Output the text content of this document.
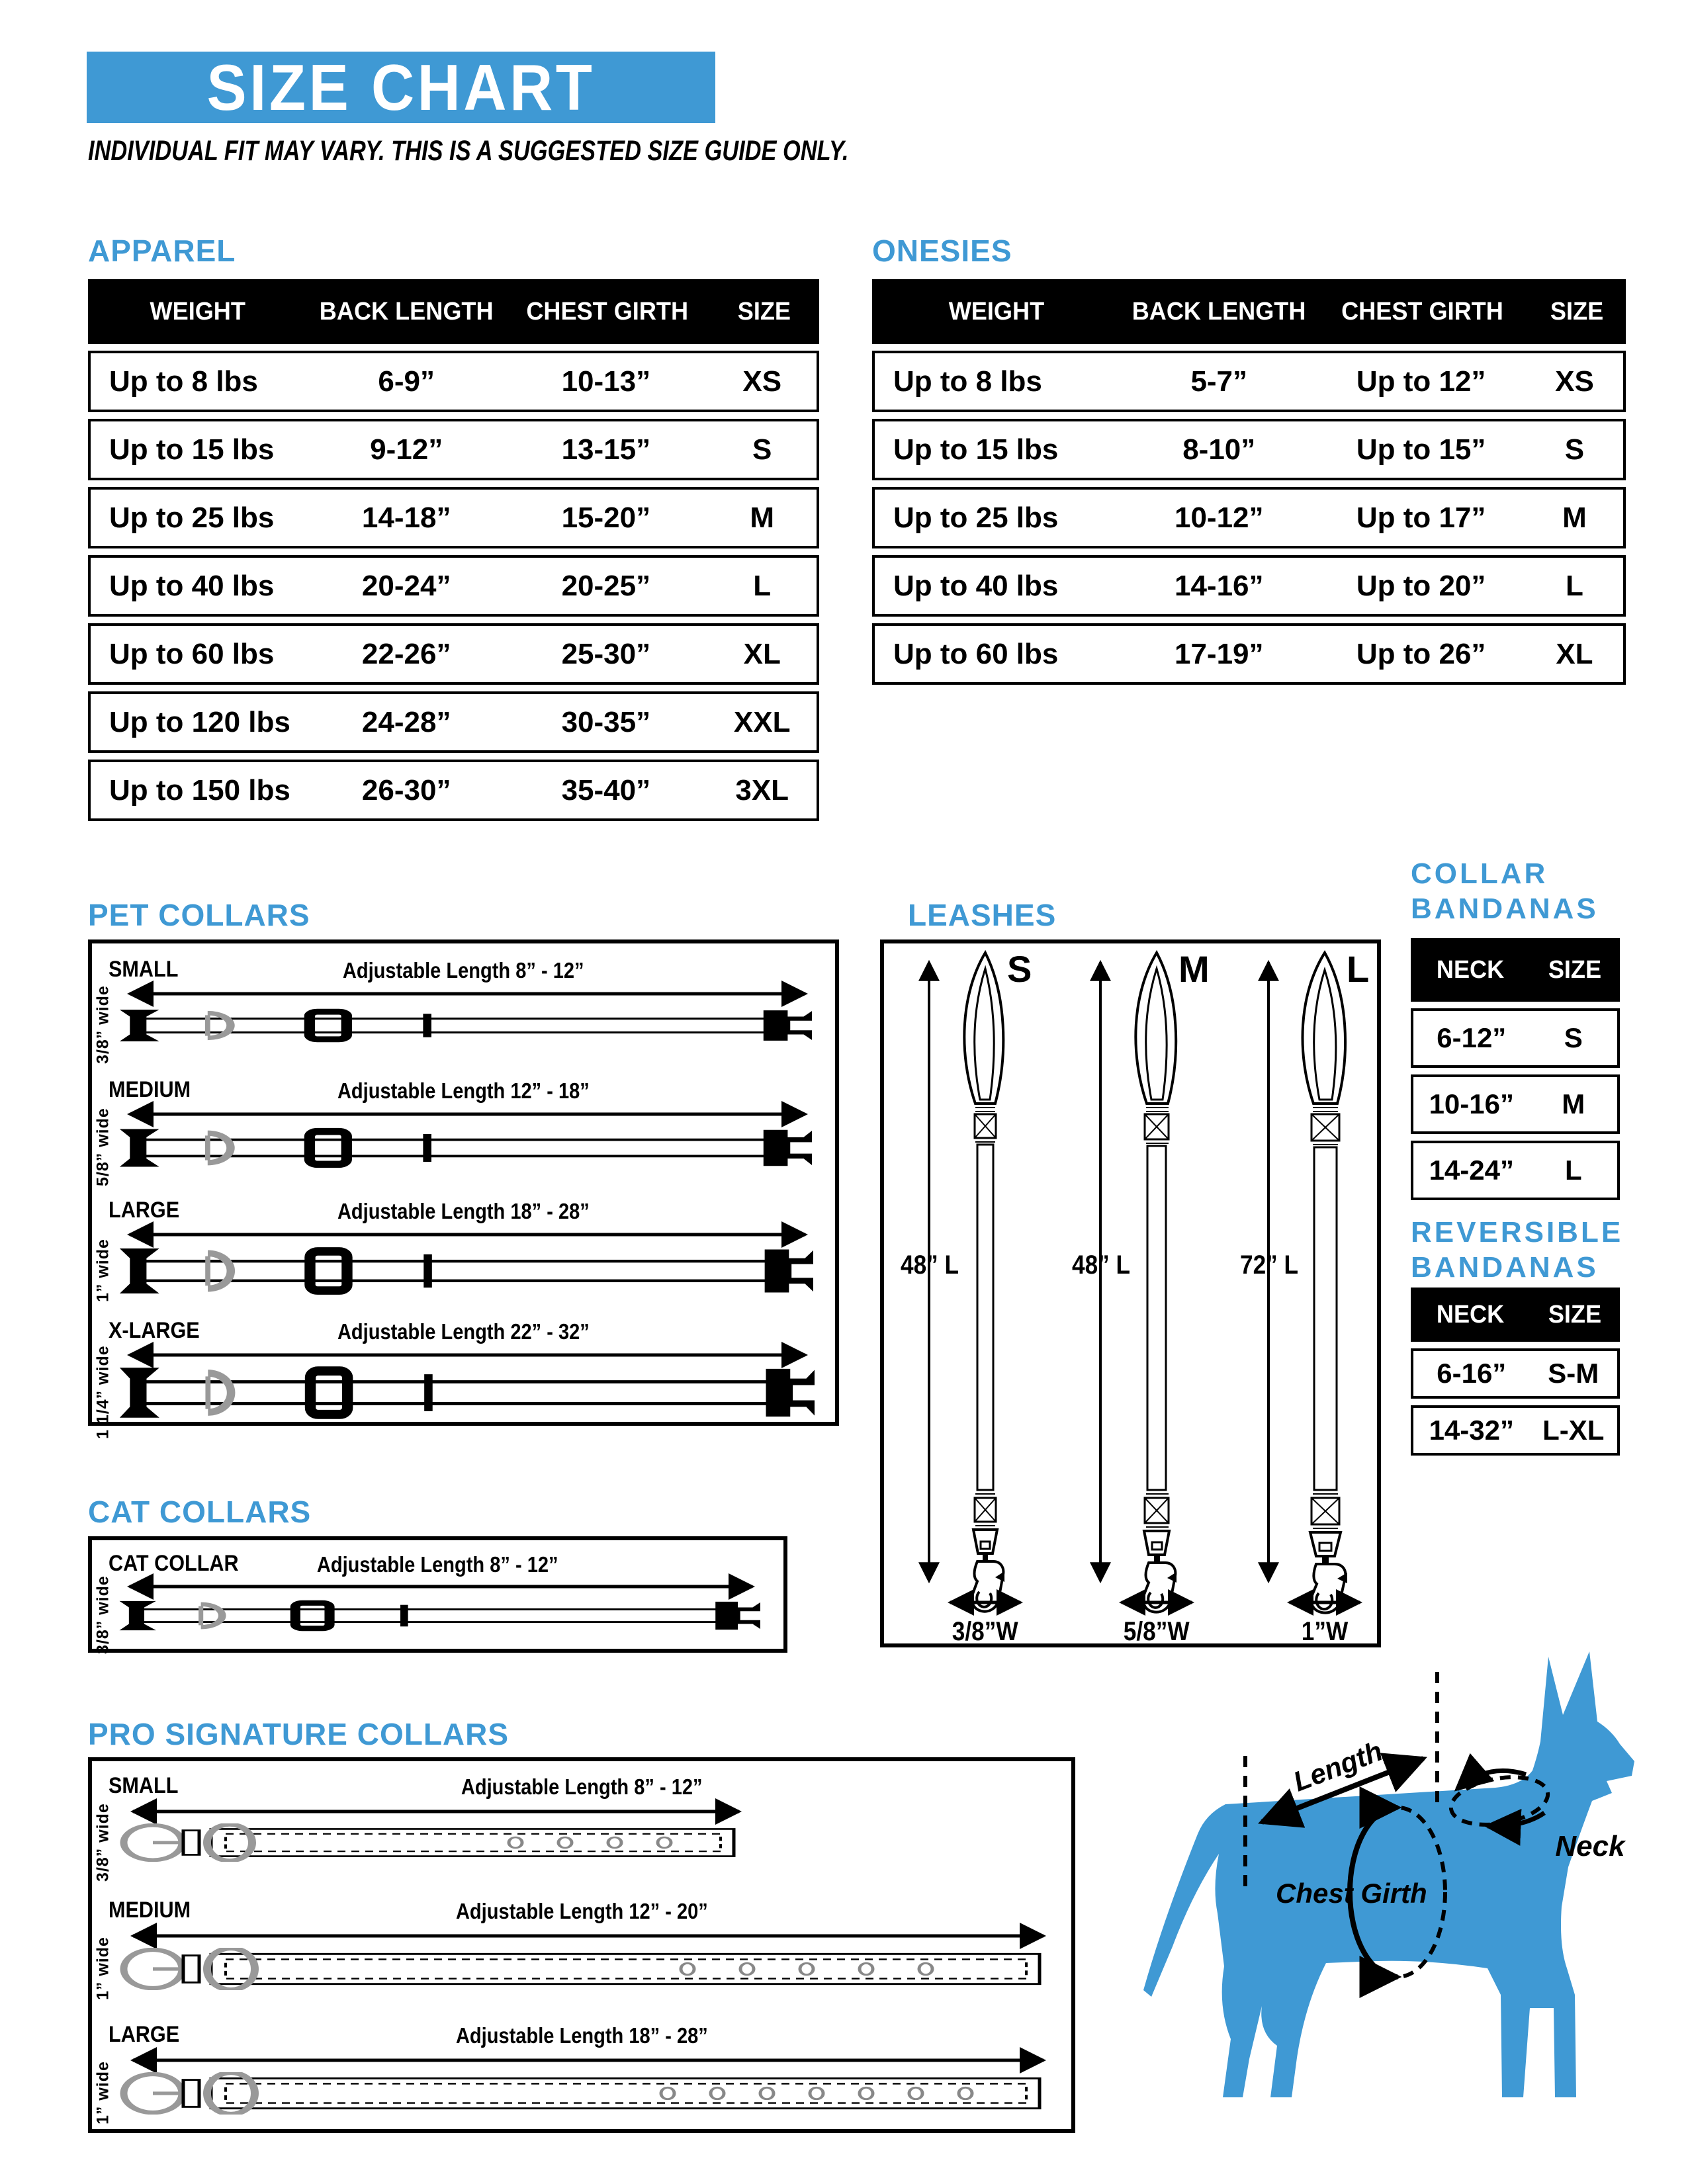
SIZE CHART
INDIVIDUAL FIT MAY VARY. THIS IS A SUGGESTED SIZE GUIDE ONLY.
APPAREL
WEIGHT	BACK LENGTH	CHEST GIRTH	SIZE
Up to 8 lbs	6-9”	10-13”	XS
Up to 15 lbs	9-12”	13-15”	S
Up to 25 lbs	14-18”	15-20”	M
Up to 40 lbs	20-24”	20-25”	L
Up to 60 lbs	22-26”	25-30”	XL
Up to 120 lbs	24-28”	30-35”	XXL
Up to 150 lbs	26-30”	35-40”	3XL
ONESIES
WEIGHT	BACK LENGTH	CHEST GIRTH	SIZE
Up to 8 lbs	5-7”	Up to 12”	XS
Up to 15 lbs	8-10”	Up to 15”	S
Up to 25 lbs	10-12”	Up to 17”	M
Up to 40 lbs	14-16”	Up to 20”	L
Up to 60 lbs	17-19”	Up to 26”	XL
PET COLLARS
SMALL	Adjustable Length 8” - 12”
3/8” wide
MEDIUM	Adjustable Length 12” - 18”
5/8” wide
LARGE	Adjustable Length 18” - 28”
1” wide
X-LARGE	Adjustable Length 22” - 32”
1 1/4” wide
CAT COLLARS
CAT COLLAR	Adjustable Length 8” - 12”
3/8” wide
PRO SIGNATURE COLLARS
SMALL	Adjustable Length 8” - 12”
3/8” wide
MEDIUM	Adjustable Length 12” - 20”
1” wide
LARGE	Adjustable Length 18” - 28”
1” wide
LEASHES
S
48” L
3/8”W
M
48” L
5/8”W
L
72” L
1”W
COLLAR
BANDANAS
NECK	SIZE
6-12”	S
10-16”	M
14-24”	L
REVERSIBLE
BANDANAS
NECK	SIZE
6-16”	S-M
14-32”	L-XL
Length
Neck
Chest Girth
